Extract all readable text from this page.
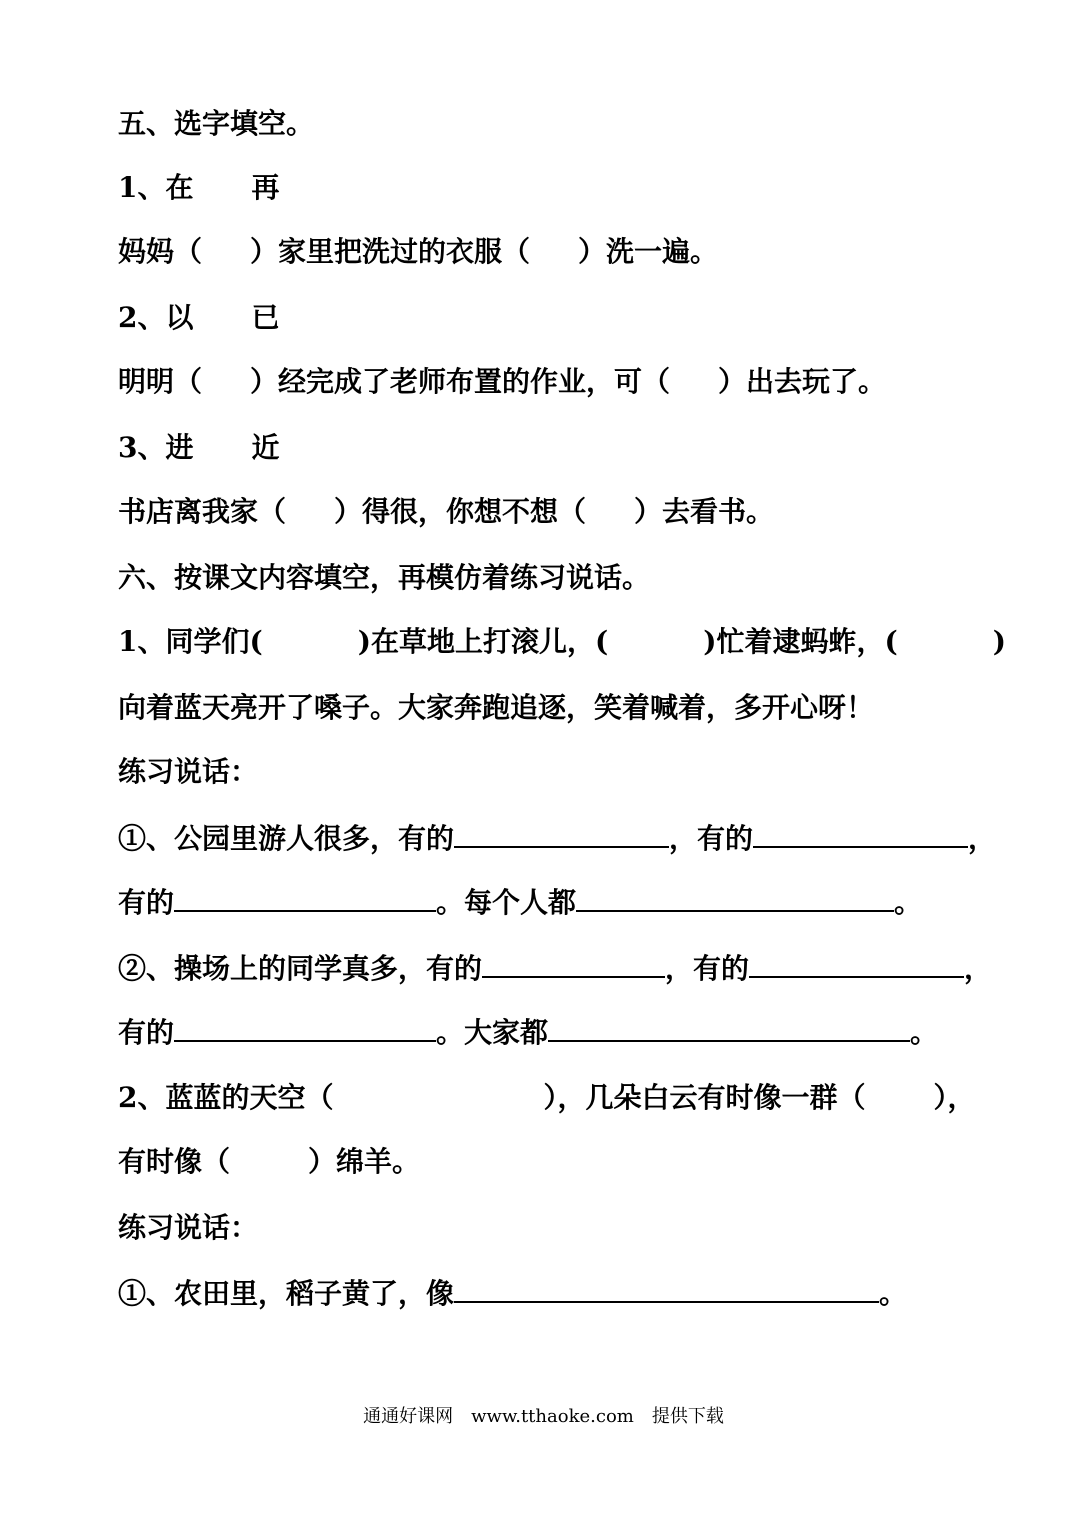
五、选字填空。
1、在 再
妈妈（ ）家里把洗过的衣服（ ）洗一遍。
2、以 已
明明（ ）经完成了老师布置的作业，可（ ）出去玩了。
3、进 近
书店离我家（ ）得很，你想不想（ ）去看书。
六、按课文内容填空，再模仿着练习说话。
1、同学们(	)在草地上打滚儿，(	)忙着逮蚂蚱，(	)
向着蓝天亮开了嗓子。大家奔跑追逐，笑着喊着，多开心呀！
练习说话：
①、公园里游人很多，有的	，有的	，
有的	。每个人都	。
②、操场上的同学真多，有的	，有的	，
有的	。大家都	。
2、蓝蓝的天空（	），几朵白云有时像一群（ ），
有时像（	）绵羊。
练习说话：
①、农田里，稻子黄了，像	。
通通好课网　www.tthaoke.com　提供下载
